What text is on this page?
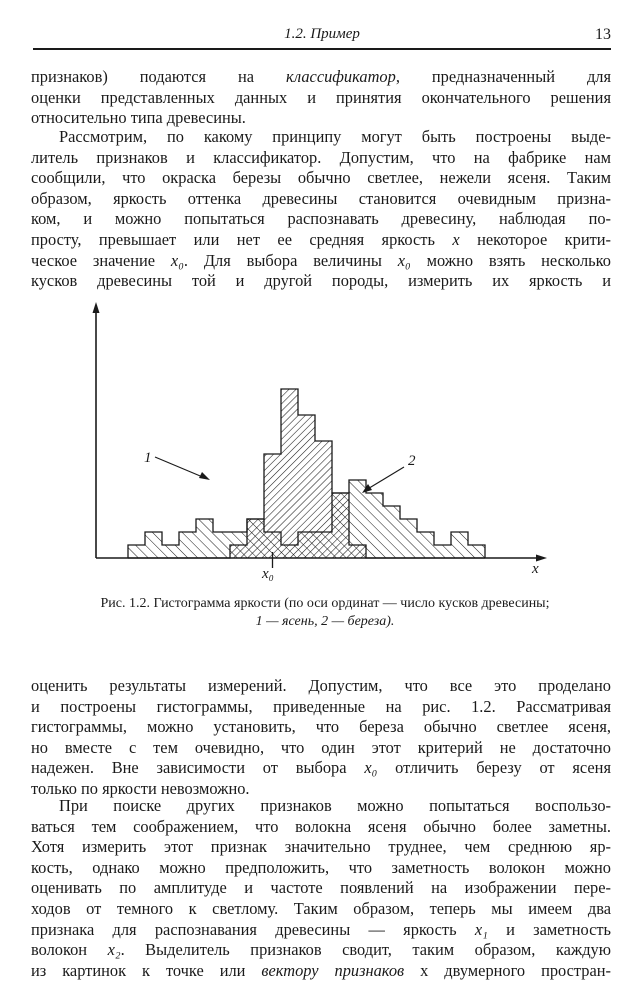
1.2. Пример	13
признаков) подаются на классификатор, предназначенный для
оценки представленных данных и принятия окончательного решения
относительно типа древесины.
Рассмотрим, по какому принципу могут быть построены выде-
литель признаков и классификатор. Допустим, что на фабрике нам
сообщили, что окраска березы обычно светлее, нежели ясеня. Таким
образом, яркость оттенка древесины становится очевидным призна-
ком, и можно попытаться распознавать древесину, наблюдая по-
просту, превышает или нет ее средняя яркость x некоторое крити-
ческое значение x₀. Для выбора величины x₀ можно взять несколько
кусков древесины той и другой породы, измерить их яркость и
1	2
x₀	x
Рис. 1.2. Гистограмма яркости (по оси ординат — число кусков древесины;
1 — ясень, 2 — береза).
оценить результаты измерений. Допустим, что все это проделано
и построены гистограммы, приведенные на рис. 1.2. Рассматривая
гистограммы, можно установить, что береза обычно светлее ясеня,
но вместе с тем очевидно, что один этот критерий не достаточно
надежен. Вне зависимости от выбора x₀ отличить березу от ясеня
только по яркости невозможно.
При поиске других признаков можно попытаться воспользо-
ваться тем соображением, что волокна ясеня обычно более заметны.
Хотя измерить этот признак значительно труднее, чем среднюю яр-
кость, однако можно предположить, что заметность волокон можно
оценивать по амплитуде и частоте появлений на изображении пере-
ходов от темного к светлому. Таким образом, теперь мы имеем два
признака для распознавания древесины — яркость x₁ и заметность
волокон x₂. Выделитель признаков сводит, таким образом, каждую
из картинок к точке или вектору признаков x двумерного простран-
